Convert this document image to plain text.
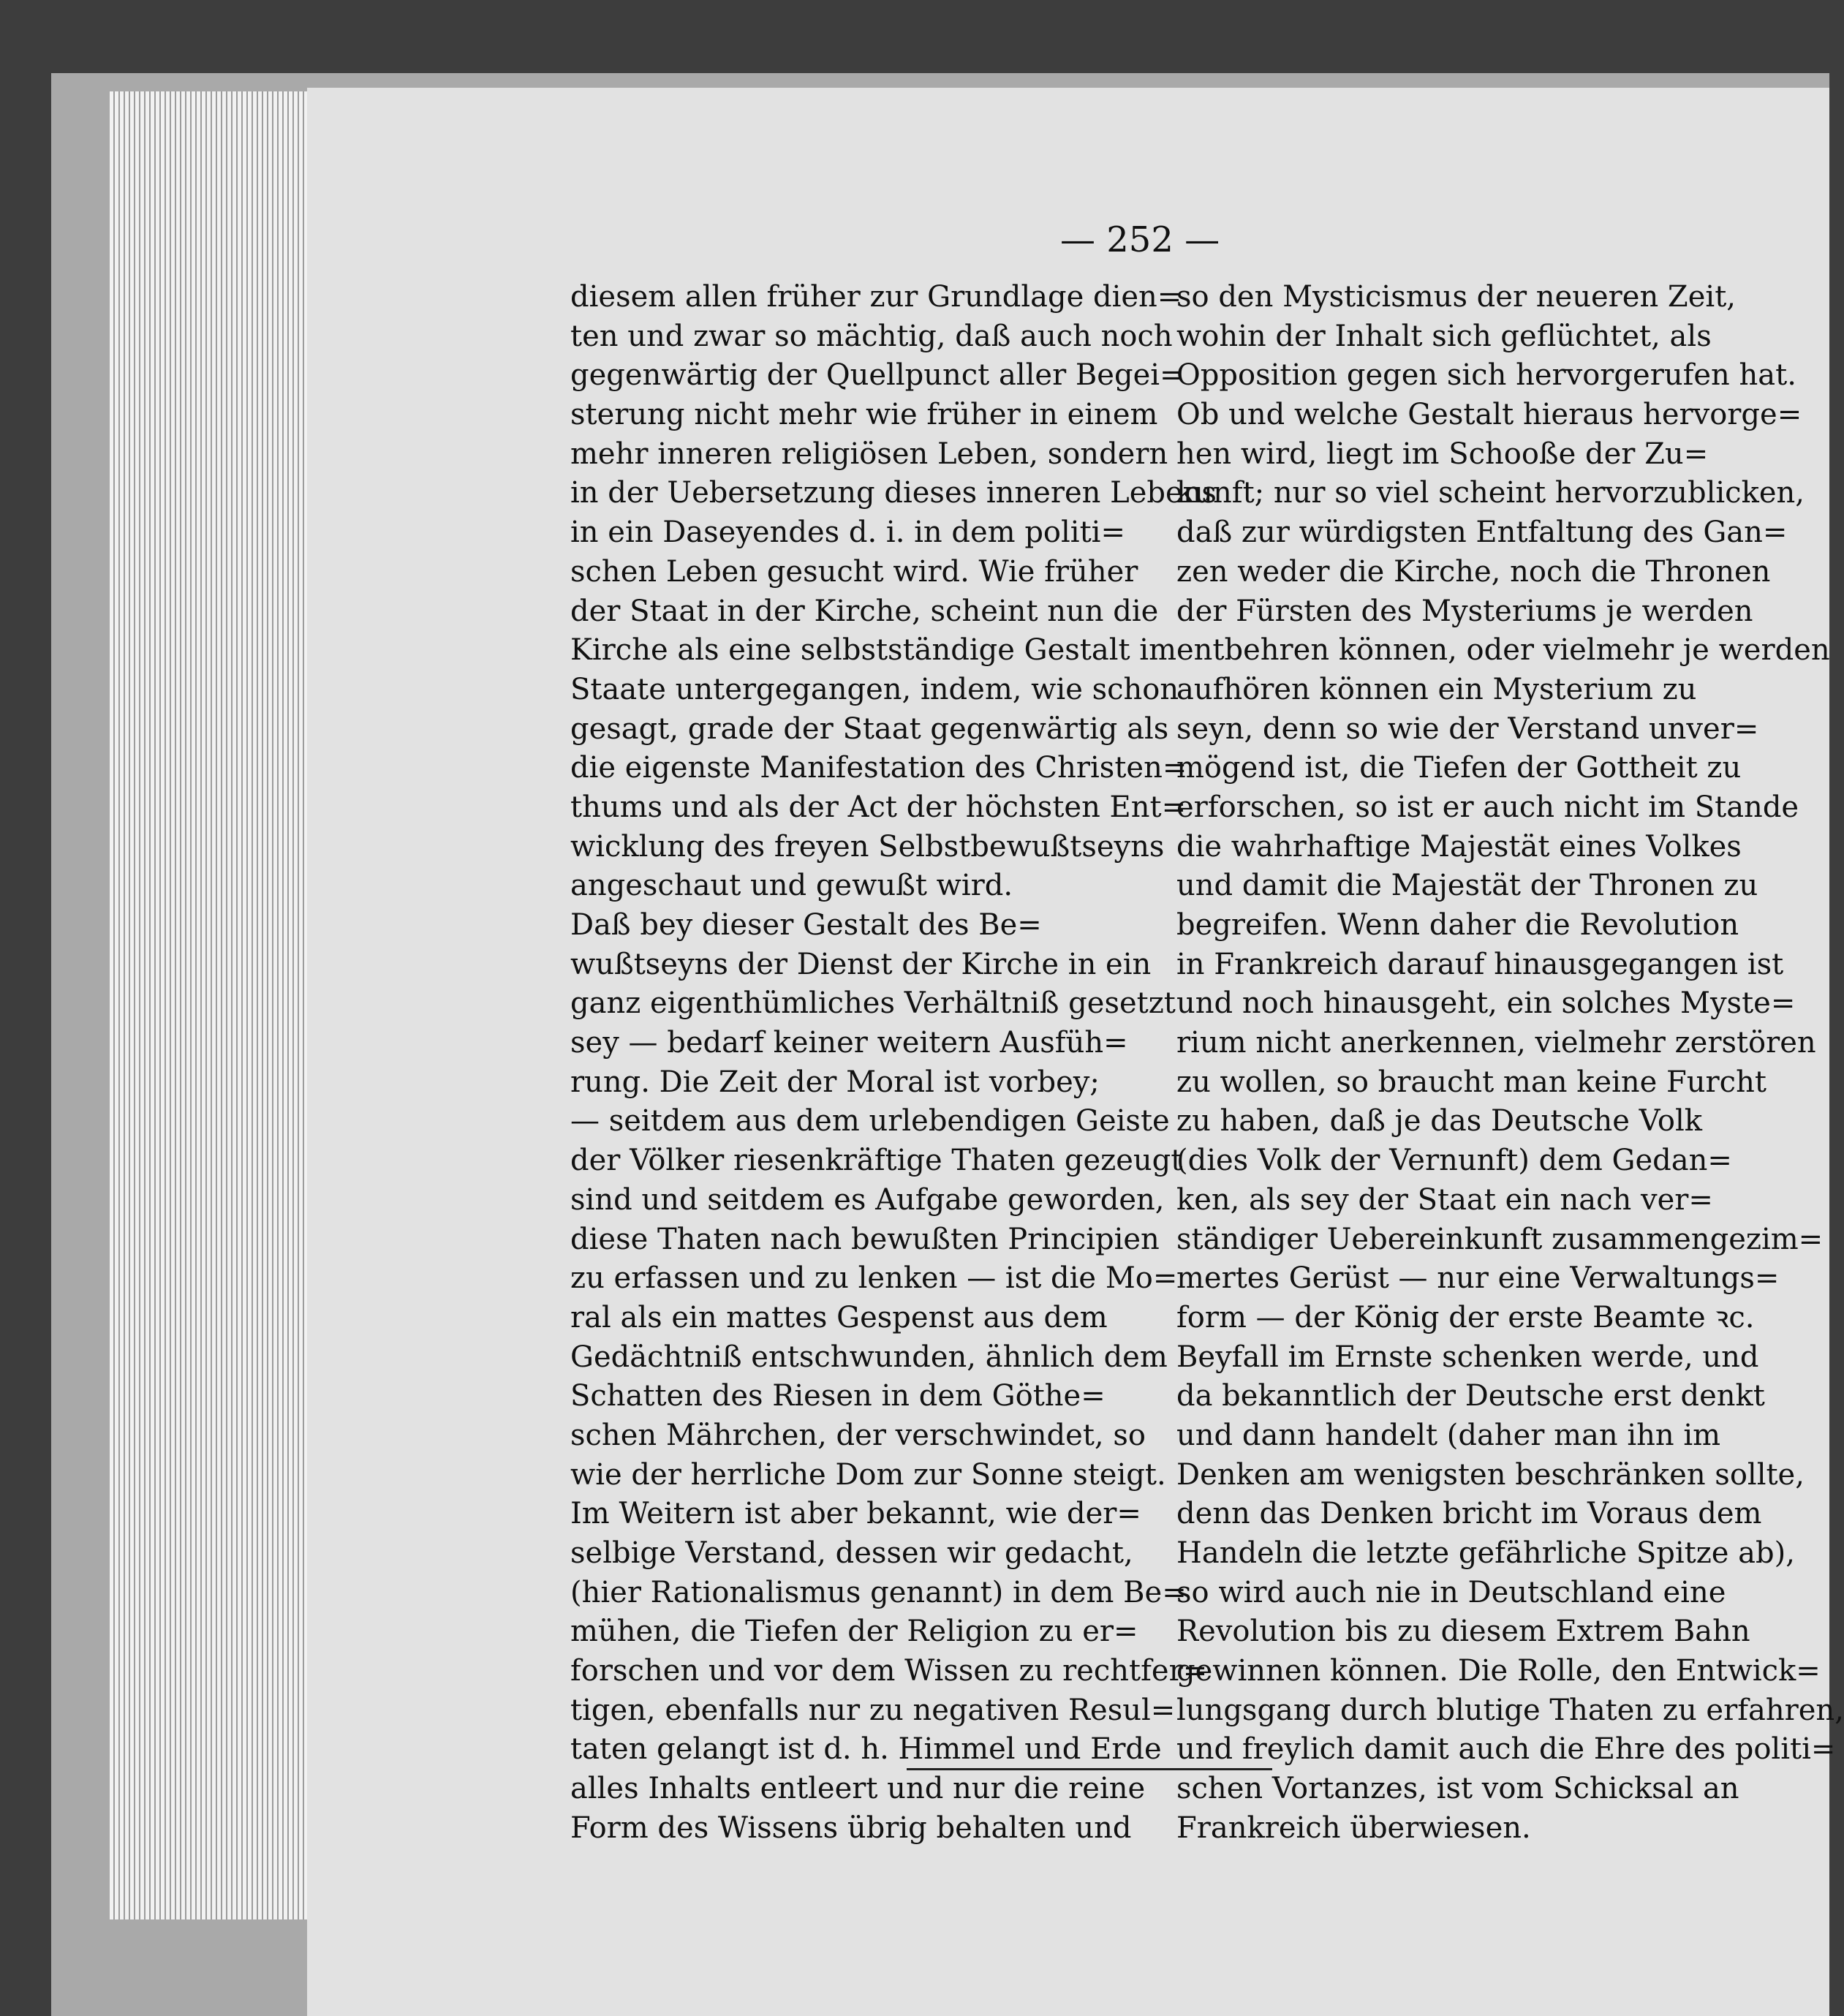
— 252 —
diesem allen früher zur Grundlage dien=
ten und zwar so mächtig, daß auch noch
gegenwärtig der Quellpunct aller Begei=
sterung nicht mehr wie früher in einem
mehr inneren religiösen Leben, sondern
in der Uebersetzung dieses inneren Lebens
in ein Daseyendes d. i. in dem politi=
schen Leben gesucht wird. Wie früher
der Staat in der Kirche, scheint nun die
Kirche als eine selbstständige Gestalt im
Staate untergegangen, indem, wie schon
gesagt, grade der Staat gegenwärtig als
die eigenste Manifestation des Christen=
thums und als der Act der höchsten Ent=
wicklung des freyen Selbstbewußtseyns
angeschaut und gewußt wird.
Daß bey dieser Gestalt des Be=
wußtseyns der Dienst der Kirche in ein
ganz eigenthümliches Verhältniß gesetzt
sey — bedarf keiner weitern Ausfüh=
rung. Die Zeit der Moral ist vorbey;
— seitdem aus dem urlebendigen Geiste
der Völker riesenkräftige Thaten gezeugt
sind und seitdem es Aufgabe geworden,
diese Thaten nach bewußten Principien
zu erfassen und zu lenken — ist die Mo=
ral als ein mattes Gespenst aus dem
Gedächtniß entschwunden, ähnlich dem
Schatten des Riesen in dem Göthe=
schen Mährchen, der verschwindet, so
wie der herrliche Dom zur Sonne steigt.
Im Weitern ist aber bekannt, wie der=
selbige Verstand, dessen wir gedacht,
(hier Rationalismus genannt) in dem Be=
mühen, die Tiefen der Religion zu er=
forschen und vor dem Wissen zu rechtfer=
tigen, ebenfalls nur zu negativen Resul=
taten gelangt ist d. h. Himmel und Erde
alles Inhalts entleert und nur die reine
Form des Wissens übrig behalten und
so den Mysticismus der neueren Zeit,
wohin der Inhalt sich geflüchtet, als
Opposition gegen sich hervorgerufen hat.
Ob und welche Gestalt hieraus hervorge=
hen wird, liegt im Schooße der Zu=
kunft; nur so viel scheint hervorzublicken,
daß zur würdigsten Entfaltung des Gan=
zen weder die Kirche, noch die Thronen
der Fürsten des Mysteriums je werden
entbehren können, oder vielmehr je werden
aufhören können ein Mysterium zu
seyn, denn so wie der Verstand unver=
mögend ist, die Tiefen der Gottheit zu
erforschen, so ist er auch nicht im Stande
die wahrhaftige Majestät eines Volkes
und damit die Majestät der Thronen zu
begreifen. Wenn daher die Revolution
in Frankreich darauf hinausgegangen ist
und noch hinausgeht, ein solches Myste=
rium nicht anerkennen, vielmehr zerstören
zu wollen, so braucht man keine Furcht
zu haben, daß je das Deutsche Volk
(dies Volk der Vernunft) dem Gedan=
ken, als sey der Staat ein nach ver=
ständiger Uebereinkunft zusammengezim=
mertes Gerüst — nur eine Verwaltungs=
form — der König der erste Beamte ꝛc.
Beyfall im Ernste schenken werde, und
da bekanntlich der Deutsche erst denkt
und dann handelt (daher man ihn im
Denken am wenigsten beschränken sollte,
denn das Denken bricht im Voraus dem
Handeln die letzte gefährliche Spitze ab),
so wird auch nie in Deutschland eine
Revolution bis zu diesem Extrem Bahn
gewinnen können. Die Rolle, den Entwick=
lungsgang durch blutige Thaten zu erfahren,
und freylich damit auch die Ehre des politi=
schen Vortanzes, ist vom Schicksal an
Frankreich überwiesen.
